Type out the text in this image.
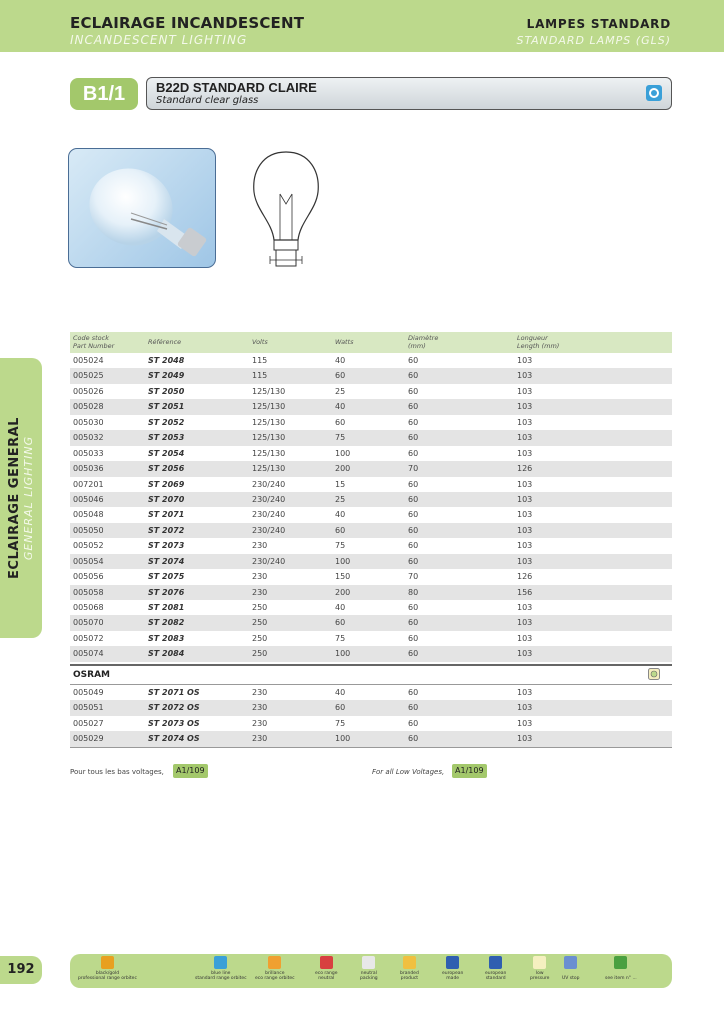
ECLAIRAGE INCANDESCENT
INCANDESCENT LIGHTING
LAMPES STANDARD
STANDARD LAMPS (GLS)
B1/1	B22D STANDARD CLAIRE
Standard clear glass
Code stock
Part Number	Référence	Volts	Watts	Diamètre
(mm)
Longueur
Length (mm)
005024	ST 2048	115	40	60	103
005025	ST 2049	115	60	60	103
005026	ST 2050	125/130	25	60	103
005028	ST 2051	125/130	40	60	103
005030	ST 2052	125/130	60	60	103
005032	ST 2053	125/130	75	60	103
005033	ST 2054	125/130	100	60	103
005036	ST 2056	125/130	200	70	126
007201	ST 2069	230/240	15	60	103
005046	ST 2070	230/240	25	60	103
005048	ST 2071	230/240	40	60	103
005050	ST 2072	230/240	60	60	103
005052	ST 2073	230	75	60	103
005054	ST 2074	230/240	100	60	103
005056	ST 2075	230	150	70	126
005058	ST 2076	230	200	80	156
005068	ST 2081	250	40	60	103
005070	ST 2082	250	60	60	103
005072	ST 2083	250	75	60	103
005074	ST 2084	250	100	60	103
OSRAM
005049	ST 2071 OS	230	40	60	103
005051	ST 2072 OS	230	60	60	103
005027	ST 2073 OS	230	75	60	103
005029	ST 2074 OS	230	100	60	103
Pour tous les bas voltages,	A1/109	For all Low Voltages,	A1/109
ECLAIRAGE GENERAL GENERAL LIGHTING
192	black/gold
professional range orbitec
blue line
standard range orbitec
brillance
eco range orbitec
eco range
neutral
neutral
packing
branded
product
european
made
european
standard
low
pressure	UV stop	see item n° ...
